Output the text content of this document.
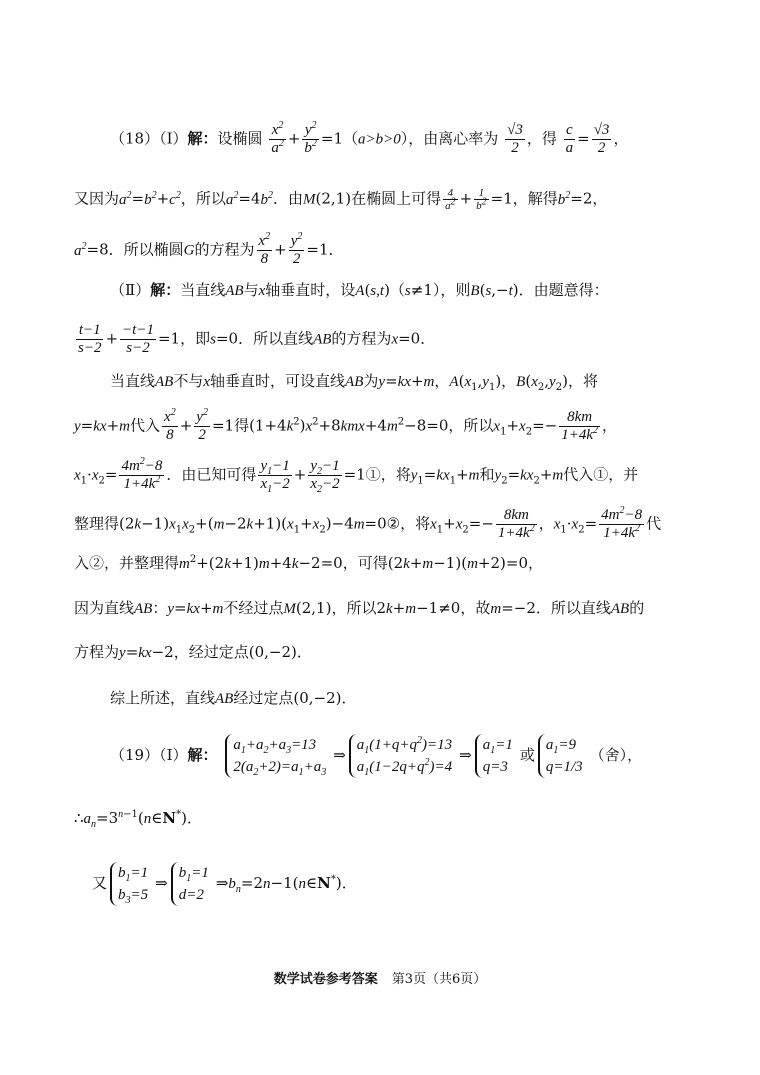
（18）（Ⅰ）解：设椭圆 $\frac{x^2}{a^2} + \frac{y^2}{b^2} =1(a>b>0)$，由离心率为 $\frac{√3}{2}$ ，得 $\frac{c}{a} = \frac{√3}{2}$ ，
又因为$a^2=b^2+c^2$，所以$a^2=4b^2$．由M(2,1)在椭圆上可得 $\frac{4}{a^2} + \frac{1}{b^2} =1$，解得$b^2=2$，
$a^2=8$．所以椭圆G的方程为 $\frac{x^2}{8} + \frac{y^2}{2} =1$．
（Ⅱ）解：当直线AB与x轴垂直时，设A(s,t)（s≠1），则B(s,−t)．由题意得：
$\frac{t-1}{s-2} + \frac{-t-1}{s-2} =1$，即s=0．所以直线AB的方程为x=0．
当直线AB不与x轴垂直时，可设直线AB为y=kx+m，$A(x_1,y_1)$，$B(x_2,y_2)$，将
y=kx+m代入 $\frac{x^2}{8} + \frac{y^2}{2} =1$得$(1+4k^2)x^2+8kmx+4m^2-8=0$，所以$x_1+x_2=- \frac{8km}{1+4k^2}$ ，
$x_1\cdot x_2= \frac{4m^2-8}{1+4k^2}$ ．由已知可得 $\frac{y_1-1}{x_1-2} + \frac{y_2-1}{x_2-2}$ =1①，将$y_1=kx_1+m$和$y_2=kx_2+m$代入①，并
整理得$(2k-1)x_1x_2+(m-2k+1)(x_1+x_2)-4m=0②$，将$x_1+x_2=- \frac{8km}{1+4k^2}$ ，$x_1\cdot x_2= \frac{4m^2-8}{1+4k^2}$ 代
入②，并整理得$m^2+(2k+1)m+4k-2=0$，可得(2k+m−1)(m+2)=0，
因为直线AB：y=kx+m不经过点M(2,1)，所以2k+m−1≠0，故m=−2．所以直线AB的
方程为y=kx−2，经过定点(0,−2)．
综上所述，直线AB经过定点(0,−2)．
（19）（Ⅰ）解：
$a_1+a_2+a_3=13$
$2(a_2+2)=a_1+a_3$
⇒
$a_1(1+q+q^2)=13$
$a_1(1-2q+q^2)=4$
⇒
$a_1=1$
q=3
或
$a_1=9$
q=1/3
（舍），
$\therefore a_n=3^{n-1}(n\in N^*)$．
又
$b_1=1$
$b_3=5$
⇒
$b_1=1$
d=2
$\Rightarrow b_n=2n-1(n\in N^*)$．
数学试卷参考答案 第3页（共6页）
